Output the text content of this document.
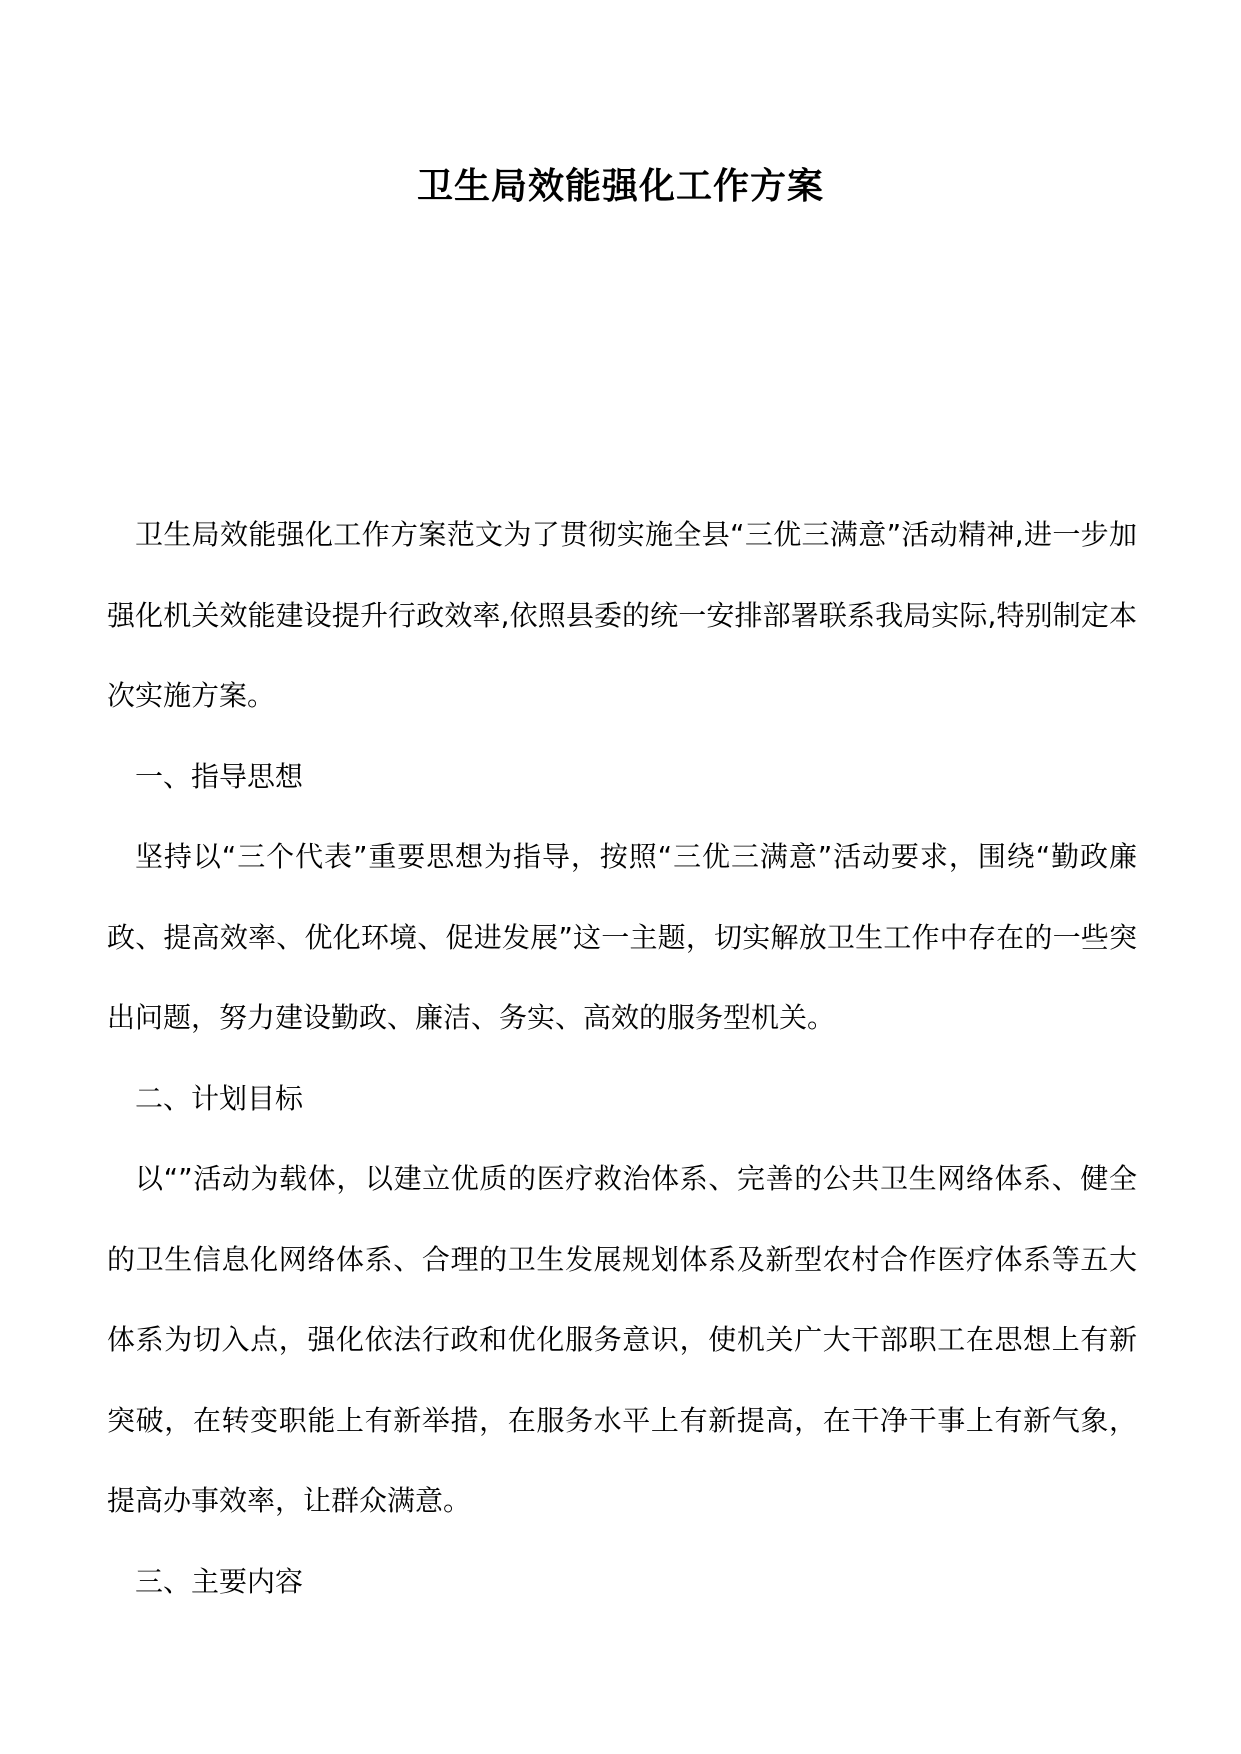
卫生局效能强化工作方案

卫生局效能强化工作方案范文为了贯彻实施全县“三优三满意”活动精神,进一步加强化机关效能建设提升行政效率,依照县委的统一安排部署联系我局实际,特别制定本次实施方案。

一、指导思想

坚持以“三个代表”重要思想为指导，按照“三优三满意”活动要求，围绕“勤政廉政、提高效率、优化环境、促进发展”这一主题，切实解放卫生工作中存在的一些突出问题，努力建设勤政、廉洁、务实、高效的服务型机关。

二、计划目标

以“”活动为载体，以建立优质的医疗救治体系、完善的公共卫生网络体系、健全的卫生信息化网络体系、合理的卫生发展规划体系及新型农村合作医疗体系等五大体系为切入点，强化依法行政和优化服务意识，使机关广大干部职工在思想上有新突破，在转变职能上有新举措，在服务水平上有新提高，在干净干事上有新气象，提高办事效率，让群众满意。

三、主要内容
